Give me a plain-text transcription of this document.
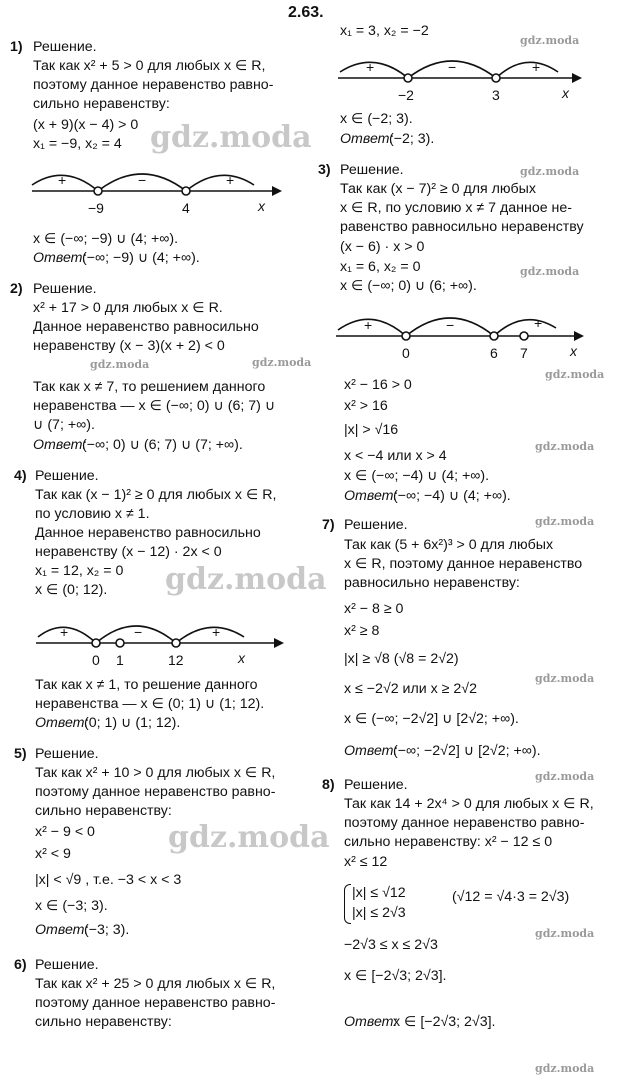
2.63.
1) Решение.
Так как x² + 5 > 0 для любых x ∈ R,
поэтому данное неравенство равно-
сильно неравенству:
(x + 9)(x − 4) > 0
x₁ = −9, x₂ = 4
+	−	+
−9	4	x
x ∈ (−∞; −9) ∪ (4; +∞).
Ответ:
(−∞; −9) ∪ (4; +∞).
2) Решение.
x² + 17 > 0 для любых x ∈ R.
Данное неравенство равносильно
неравенству (x − 3)(x + 2) < 0
Так как x ≠ 7, то решением данного
неравенства — x ∈ (−∞; 0) ∪ (6; 7) ∪
∪ (7; +∞).
Ответ:
(−∞; 0) ∪ (6; 7) ∪ (7; +∞).
4) Решение.
Так как (x − 1)² ≥ 0 для любых x ∈ R,
по условию x ≠ 1.
Данное неравенство равносильно
неравенству (x − 12) · 2x < 0
x₁ = 12, x₂ = 0
x ∈ (0; 12).
+	−	+
0 1	12	x
Так как x ≠ 1, то решение данного
неравенства — x ∈ (0; 1) ∪ (1; 12).
Ответ:
(0; 1) ∪ (1; 12).
5) Решение.
Так как x² + 10 > 0 для любых x ∈ R,
поэтому данное неравенство равно-
сильно неравенству:
x² − 9 < 0
x² < 9
|x| < √9 , т.е. −3 < x < 3
x ∈ (−3; 3).
Ответ:
(−3; 3).
6) Решение.
Так как x² + 25 > 0 для любых x ∈ R,
поэтому данное неравенство равно-
сильно неравенству:
x₁ = 3, x₂ = −2
+	−	+
−2	3	x
x ∈ (−2; 3).
Ответ:
(−2; 3).
3) Решение.
Так как (x − 7)² ≥ 0 для любых
x ∈ R, по условию x ≠ 7 данное не-
равенство равносильно неравенству
(x − 6) · x > 0
x₁ = 6, x₂ = 0
x ∈ (−∞; 0) ∪ (6; +∞).
+	−	+
0	6 7	x
x² − 16 > 0
x² > 16
|x| > √16
x < −4 или x > 4
x ∈ (−∞; −4) ∪ (4; +∞).
Ответ:
(−∞; −4) ∪ (4; +∞).
7) Решение.
Так как (5 + 6x²)³ > 0 для любых
x ∈ R, поэтому данное неравенство
равносильно неравенству:
x² − 8 ≥ 0
x² ≥ 8
|x| ≥ √8 (√8 = 2√2)
x ≤ −2√2 или x ≥ 2√2
x ∈ (−∞; −2√2] ∪ [2√2; +∞).
Ответ:
(−∞; −2√2] ∪ [2√2; +∞).
8) Решение.
Так как 14 + 2x⁴ > 0 для любых x ∈ R,
поэтому данное неравенство равно-
сильно неравенству: x² − 12 ≤ 0
x² ≤ 12
|x| ≤ √12
|x| ≤ 2√3
(√12 = √4·3 = 2√3)
−2√3 ≤ x ≤ 2√3
x ∈ [−2√3; 2√3].
Ответ:
x ∈ [−2√3; 2√3].
gdz.moda
gdz.moda
gdz.moda
gdz.moda
gdz.moda
gdz.moda
gdz.moda	gdz.moda
gdz.moda
gdz.moda
gdz.moda
gdz.moda
gdz.moda
gdz.moda
gdz.moda
